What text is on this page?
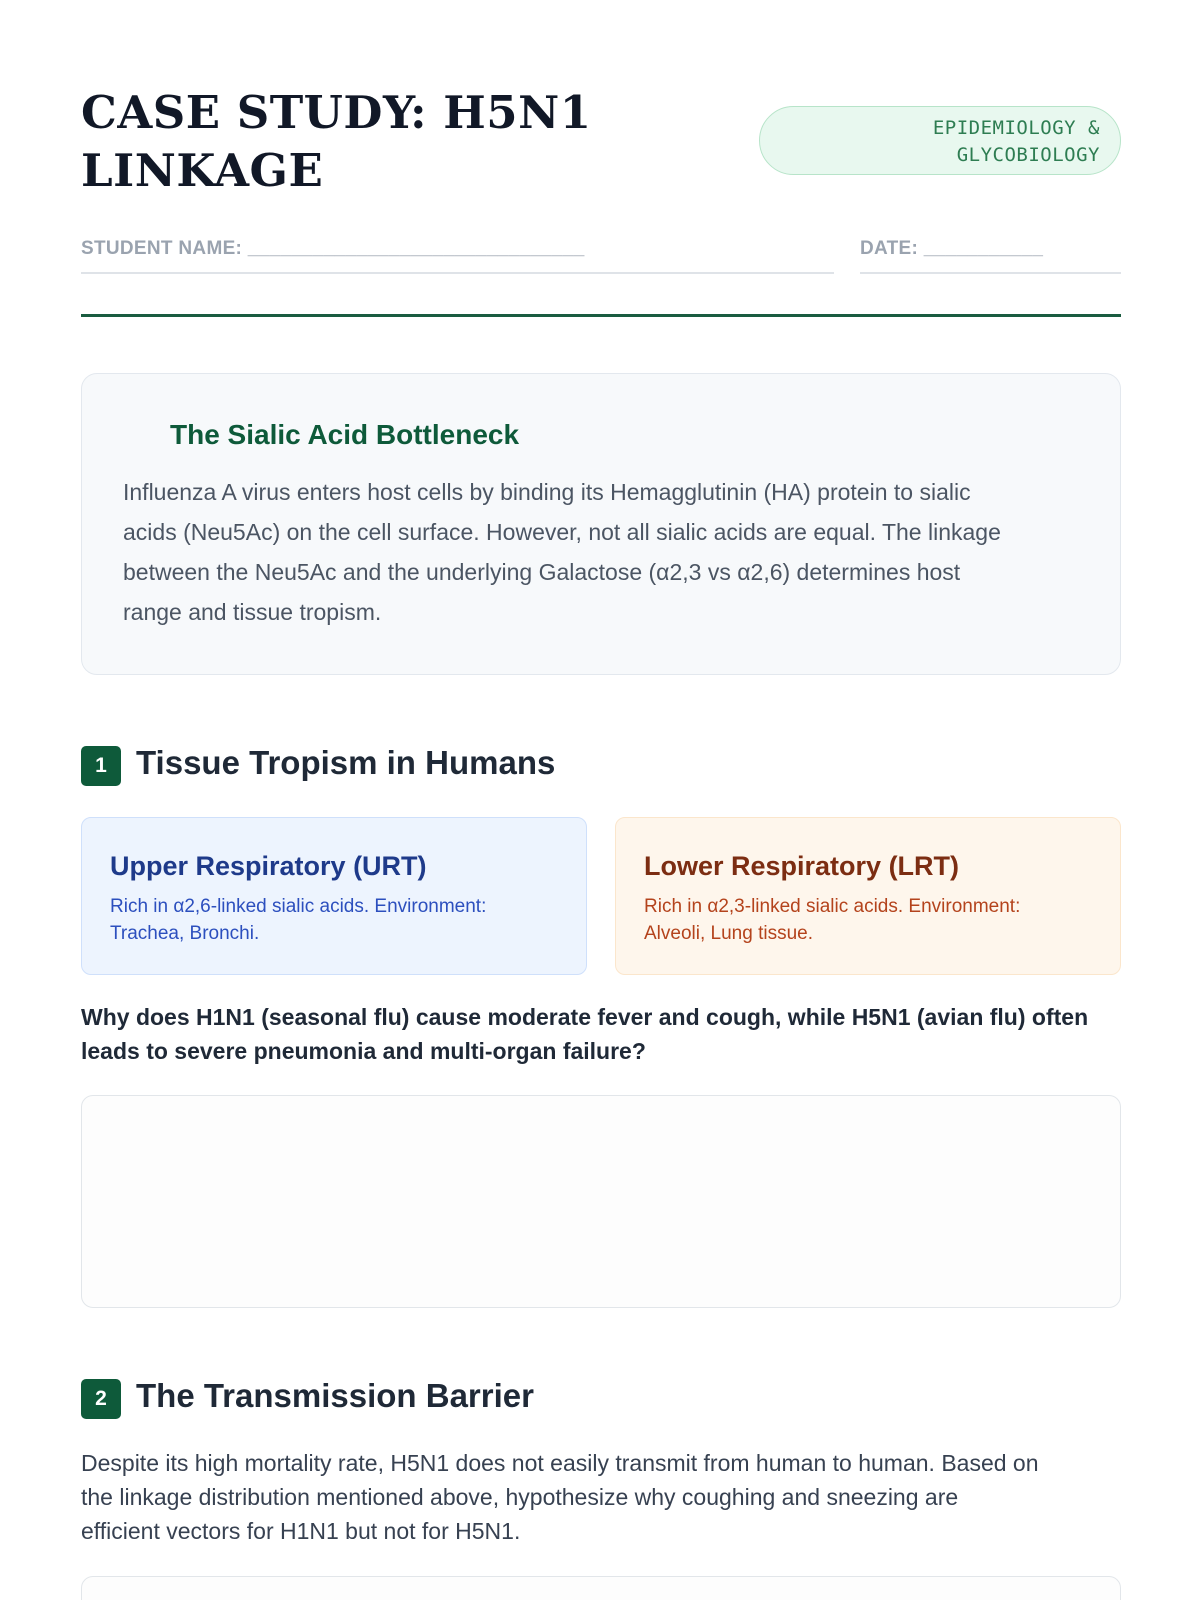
CASE STUDY: H5N1
LINKAGE
EPIDEMIOLOGY &
GLYCOBIOLOGY
STUDENT NAME: _______________________________	DATE: ___________
The Sialic Acid Bottleneck
Influenza A virus enters host cells by binding its Hemagglutinin (HA) protein to sialic
acids (Neu5Ac) on the cell surface. However, not all sialic acids are equal. The linkage
between the Neu5Ac and the underlying Galactose (α2,3 vs α2,6) determines host
range and tissue tropism.
1 Tissue Tropism in Humans
Upper Respiratory (URT)
Rich in α2,6-linked sialic acids. Environment:
Trachea, Bronchi.
Lower Respiratory (LRT)
Rich in α2,3-linked sialic acids. Environment:
Alveoli, Lung tissue.
Why does H1N1 (seasonal flu) cause moderate fever and cough, while H5N1 (avian flu) often
leads to severe pneumonia and multi-organ failure?
2 The Transmission Barrier
Despite its high mortality rate, H5N1 does not easily transmit from human to human. Based on
the linkage distribution mentioned above, hypothesize why coughing and sneezing are
efficient vectors for H1N1 but not for H5N1.
